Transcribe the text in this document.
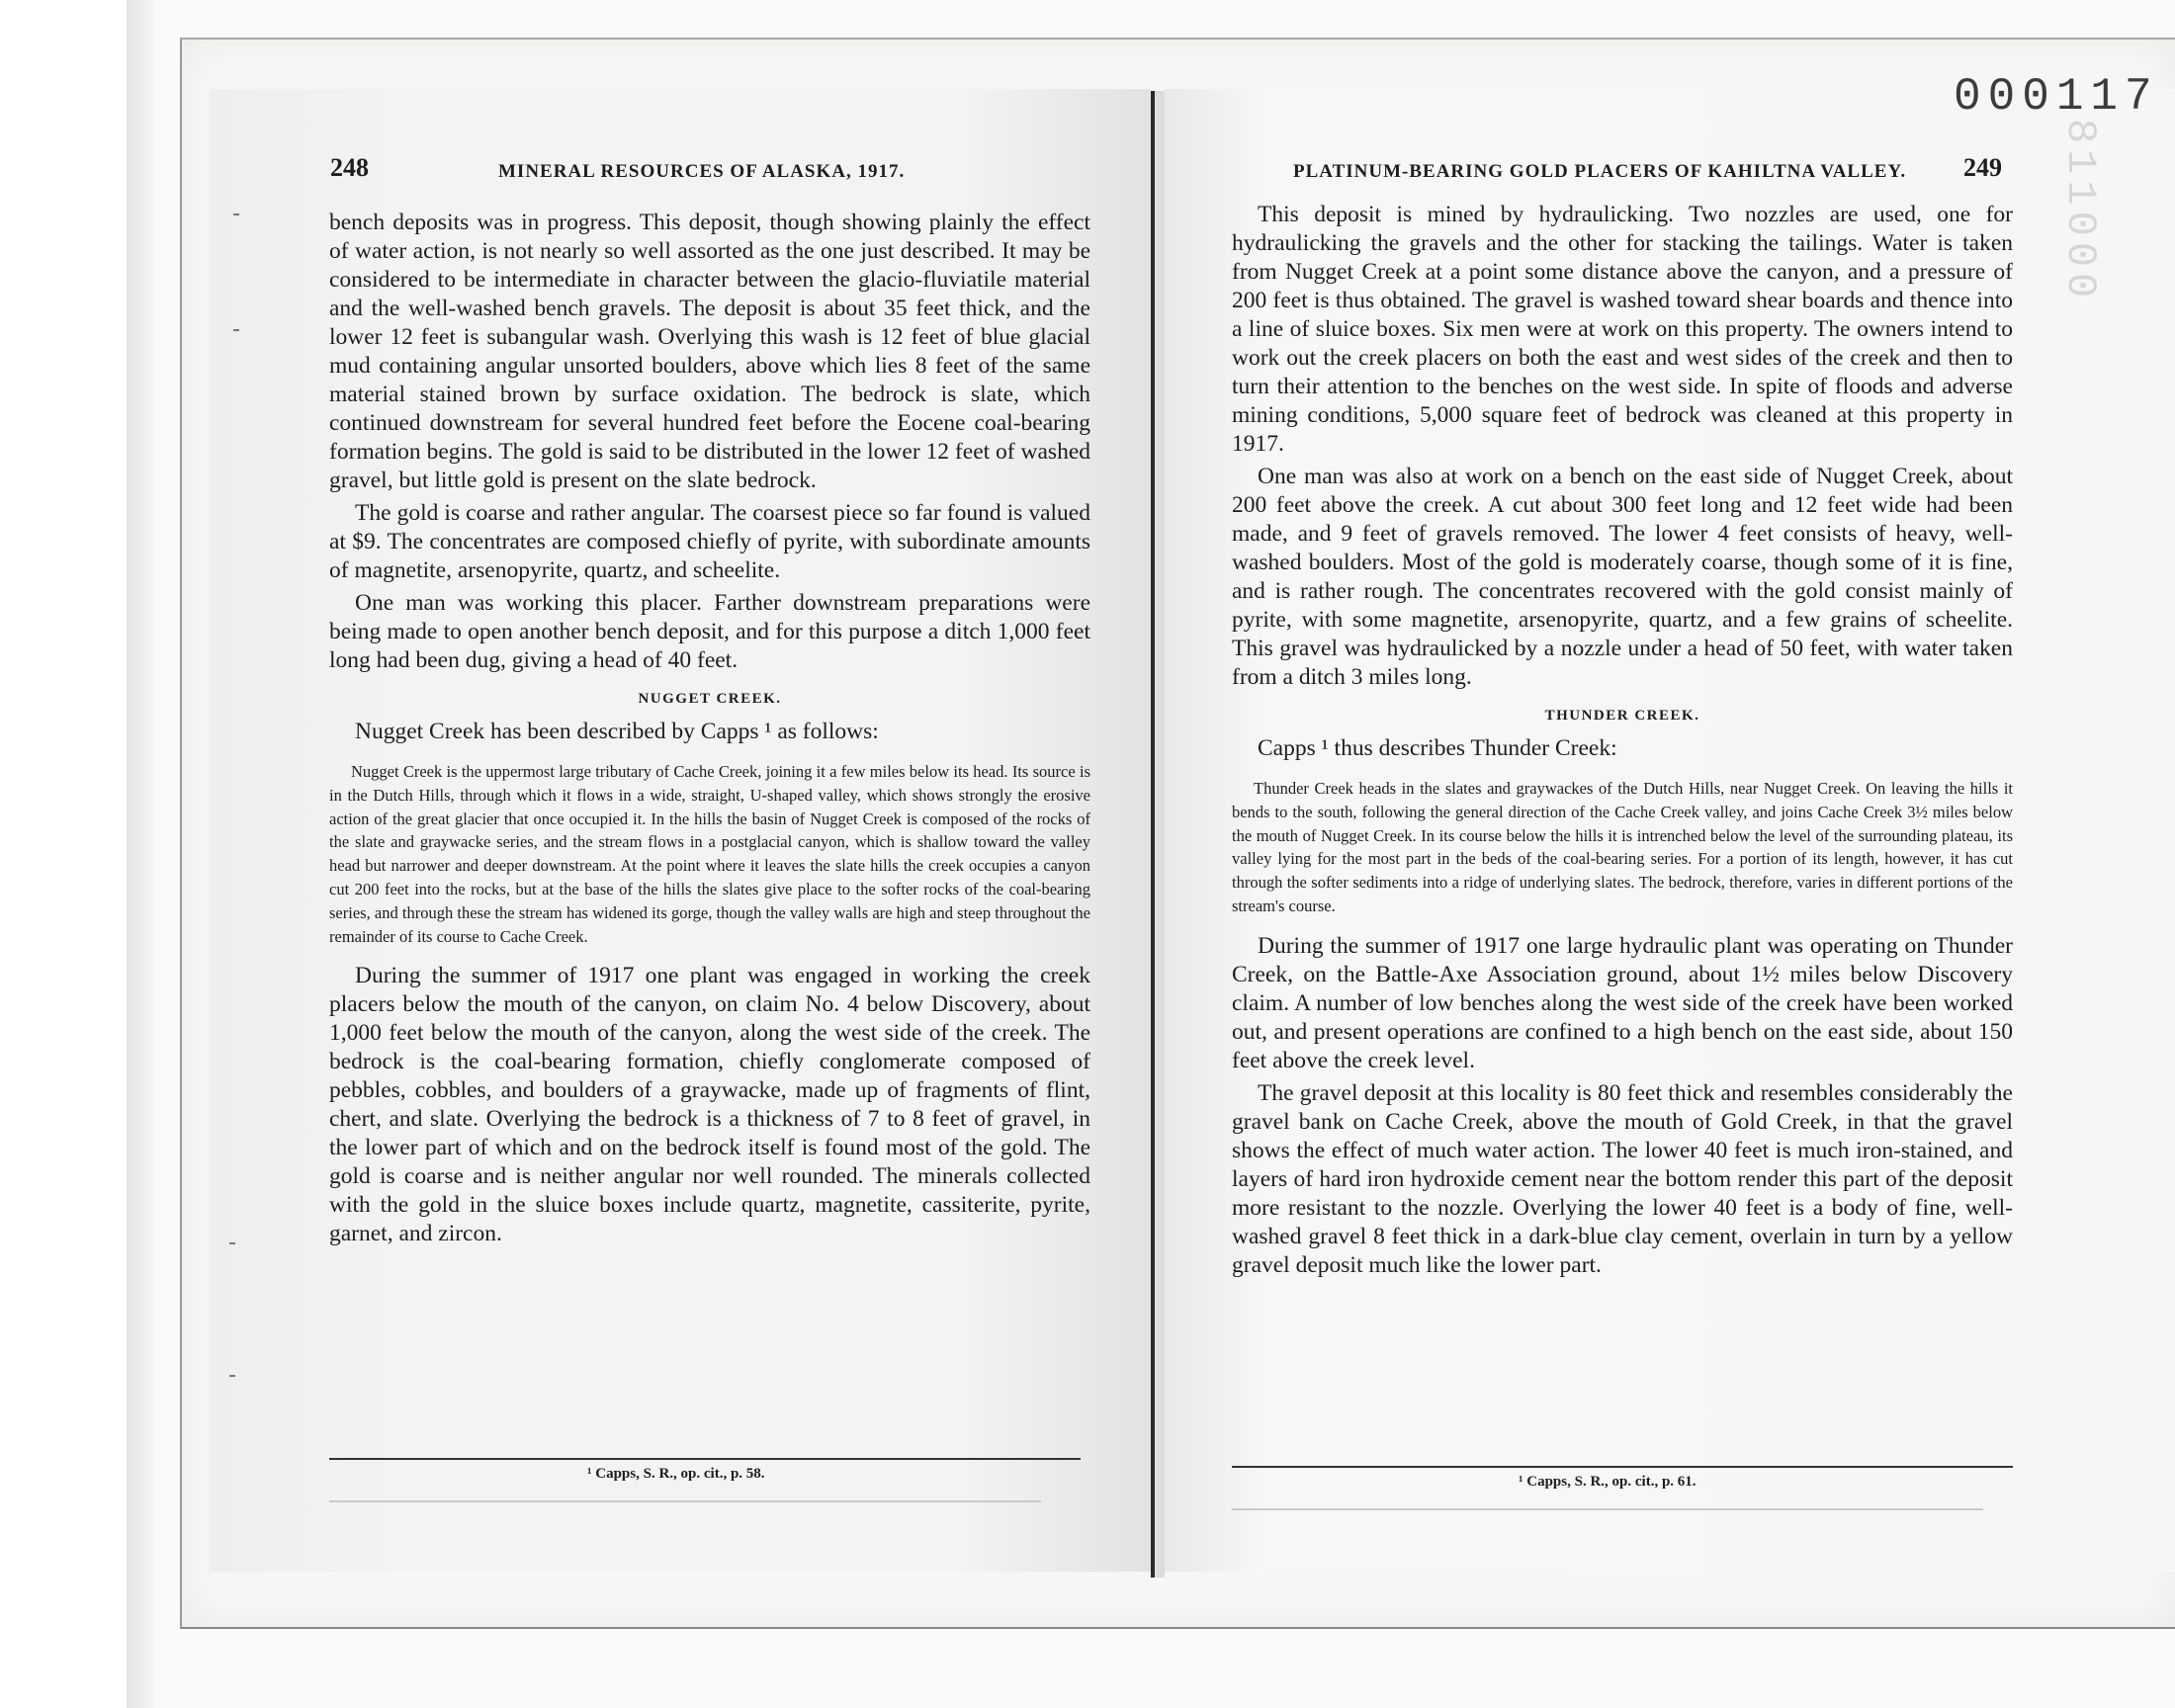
000117
811000
248	MINERAL RESOURCES OF ALASKA, 1917.

bench deposits was in progress. This deposit, though showing plainly the effect of water action, is not nearly so well assorted as the one just described. It may be considered to be intermediate in character between the glacio-fluviatile material and the well-washed bench gravels. The deposit is about 35 feet thick, and the lower 12 feet is subangular wash. Overlying this wash is 12 feet of blue glacial mud containing angular unsorted boulders, above which lies 8 feet of the same material stained brown by surface oxidation. The bedrock is slate, which continued downstream for several hundred feet before the Eocene coal-bearing formation begins. The gold is said to be distributed in the lower 12 feet of washed gravel, but little gold is present on the slate bedrock.

The gold is coarse and rather angular. The coarsest piece so far found is valued at $9. The concentrates are composed chiefly of pyrite, with subordinate amounts of magnetite, arsenopyrite, quartz, and scheelite.

One man was working this placer. Farther downstream preparations were being made to open another bench deposit, and for this purpose a ditch 1,000 feet long had been dug, giving a head of 40 feet.

NUGGET CREEK.

Nugget Creek has been described by Capps ¹ as follows:

Nugget Creek is the uppermost large tributary of Cache Creek, joining it a few miles below its head. Its source is in the Dutch Hills, through which it flows in a wide, straight, U-shaped valley, which shows strongly the erosive action of the great glacier that once occupied it. In the hills the basin of Nugget Creek is composed of the rocks of the slate and graywacke series, and the stream flows in a postglacial canyon, which is shallow toward the valley head but narrower and deeper downstream. At the point where it leaves the slate hills the creek occupies a canyon cut 200 feet into the rocks, but at the base of the hills the slates give place to the softer rocks of the coal-bearing series, and through these the stream has widened its gorge, though the valley walls are high and steep throughout the remainder of its course to Cache Creek.

During the summer of 1917 one plant was engaged in working the creek placers below the mouth of the canyon, on claim No. 4 below Discovery, about 1,000 feet below the mouth of the canyon, along the west side of the creek. The bedrock is the coal-bearing formation, chiefly conglomerate composed of pebbles, cobbles, and boulders of a graywacke, made up of fragments of flint, chert, and slate. Overlying the bedrock is a thickness of 7 to 8 feet of gravel, in the lower part of which and on the bedrock itself is found most of the gold. The gold is coarse and is neither angular nor well rounded. The minerals collected with the gold in the sluice boxes include quartz, magnetite, cassiterite, pyrite, garnet, and zircon.

¹ Capps, S. R., op. cit., p. 58.
PLATINUM-BEARING GOLD PLACERS OF KAHILTNA VALLEY. 249

This deposit is mined by hydraulicking. Two nozzles are used, one for hydraulicking the gravels and the other for stacking the tailings. Water is taken from Nugget Creek at a point some distance above the canyon, and a pressure of 200 feet is thus obtained. The gravel is washed toward shear boards and thence into a line of sluice boxes. Six men were at work on this property. The owners intend to work out the creek placers on both the east and west sides of the creek and then to turn their attention to the benches on the west side. In spite of floods and adverse mining conditions, 5,000 square feet of bedrock was cleaned at this property in 1917.

One man was also at work on a bench on the east side of Nugget Creek, about 200 feet above the creek. A cut about 300 feet long and 12 feet wide had been made, and 9 feet of gravels removed. The lower 4 feet consists of heavy, well-washed boulders. Most of the gold is moderately coarse, though some of it is fine, and is rather rough. The concentrates recovered with the gold consist mainly of pyrite, with some magnetite, arsenopyrite, quartz, and a few grains of scheelite. This gravel was hydraulicked by a nozzle under a head of 50 feet, with water taken from a ditch 3 miles long.

THUNDER CREEK.

Capps ¹ thus describes Thunder Creek:

Thunder Creek heads in the slates and graywackes of the Dutch Hills, near Nugget Creek. On leaving the hills it bends to the south, following the general direction of the Cache Creek valley, and joins Cache Creek 3½ miles below the mouth of Nugget Creek. In its course below the hills it is intrenched below the level of the surrounding plateau, its valley lying for the most part in the beds of the coal-bearing series. For a portion of its length, however, it has cut through the softer sediments into a ridge of underlying slates. The bedrock, therefore, varies in different portions of the stream's course.

During the summer of 1917 one large hydraulic plant was operating on Thunder Creek, on the Battle-Axe Association ground, about 1½ miles below Discovery claim. A number of low benches along the west side of the creek have been worked out, and present operations are confined to a high bench on the east side, about 150 feet above the creek level.

The gravel deposit at this locality is 80 feet thick and resembles considerably the gravel bank on Cache Creek, above the mouth of Gold Creek, in that the gravel shows the effect of much water action. The lower 40 feet is much iron-stained, and layers of hard iron hydroxide cement near the bottom render this part of the deposit more resistant to the nozzle. Overlying the lower 40 feet is a body of fine, well-washed gravel 8 feet thick in a dark-blue clay cement, overlain in turn by a yellow gravel deposit much like the lower part.

¹ Capps, S. R., op. cit., p. 61.
